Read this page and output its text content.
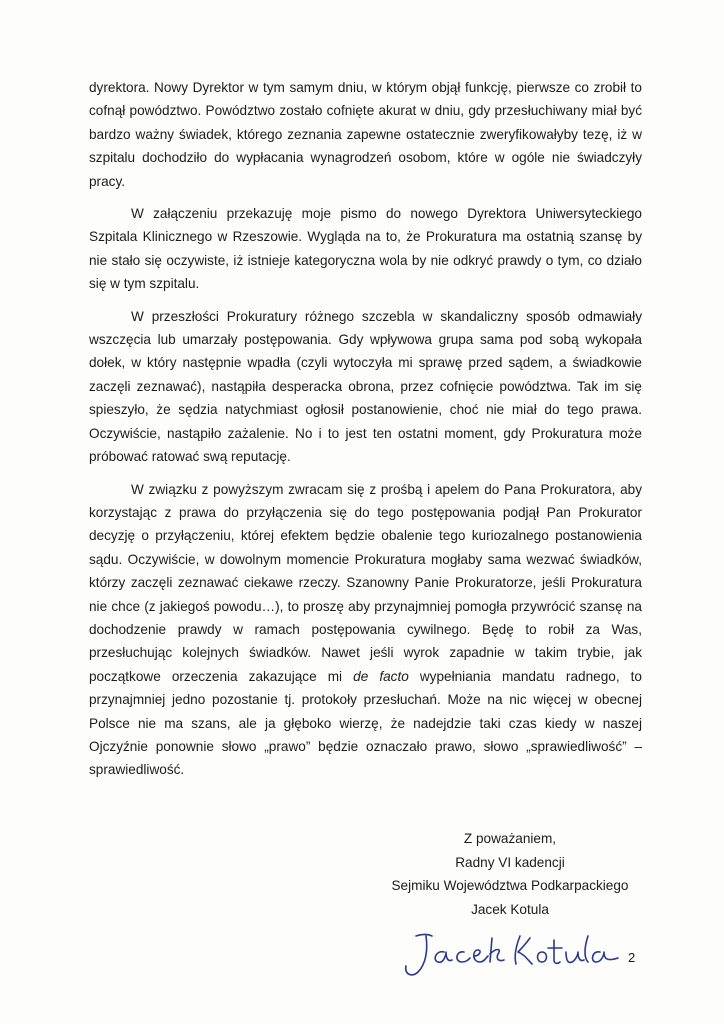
dyrektora. Nowy Dyrektor w tym samym dniu, w którym objął funkcję, pierwsze co zrobił to cofnął powództwo. Powództwo zostało cofnięte akurat w dniu, gdy przesłuchiwany miał być bardzo ważny świadek, którego zeznania zapewne ostatecznie zweryfikowałyby tezę, iż w szpitalu dochodziło do wypłacania wynagrodzeń osobom, które w ogóle nie świadczyły pracy.

W załączeniu przekazuję moje pismo do nowego Dyrektora Uniwersyteckiego Szpitala Klinicznego w Rzeszowie. Wygląda na to, że Prokuratura ma ostatnią szansę by nie stało się oczywiste, iż istnieje kategoryczna wola by nie odkryć prawdy o tym, co działo się w tym szpitalu.

W przeszłości Prokuratury różnego szczebla w skandaliczny sposób odmawiały wszczęcia lub umarzały postępowania. Gdy wpływowa grupa sama pod sobą wykopała dołek, w który następnie wpadła (czyli wytoczyła mi sprawę przed sądem, a świadkowie zaczęli zeznawać), nastąpiła desperacka obrona, przez cofnięcie powództwa. Tak im się spieszyło, że sędzia natychmiast ogłosił postanowienie, choć nie miał do tego prawa. Oczywiście, nastąpiło zażalenie. No i to jest ten ostatni moment, gdy Prokuratura może próbować ratować swą reputację.

W związku z powyższym zwracam się z prośbą i apelem do Pana Prokuratora, aby korzystając z prawa do przyłączenia się do tego postępowania podjął Pan Prokurator decyzję o przyłączeniu, której efektem będzie obalenie tego kuriozalnego postanowienia sądu. Oczywiście, w dowolnym momencie Prokuratura mogłaby sama wezwać świadków, którzy zaczęli zeznawać ciekawe rzeczy. Szanowny Panie Prokuratorze, jeśli Prokuratura nie chce (z jakiegoś powodu…), to proszę aby przynajmniej pomogła przywrócić szansę na dochodzenie prawdy w ramach postępowania cywilnego. Będę to robił za Was, przesłuchując kolejnych świadków. Nawet jeśli wyrok zapadnie w takim trybie, jak początkowe orzeczenia zakazujące mi de facto wypełniania mandatu radnego, to przynajmniej jedno pozostanie tj. protokoły przesłuchań. Może na nic więcej w obecnej Polsce nie ma szans, ale ja głęboko wierzę, że nadejdzie taki czas kiedy w naszej Ojczyźnie ponownie słowo „prawo” będzie oznaczało prawo, słowo „sprawiedliwość” – sprawiedliwość.

Z poważaniem,
Radny VI kadencji
Sejmiku Województwa Podkarpackiego
Jacek Kotula
2
